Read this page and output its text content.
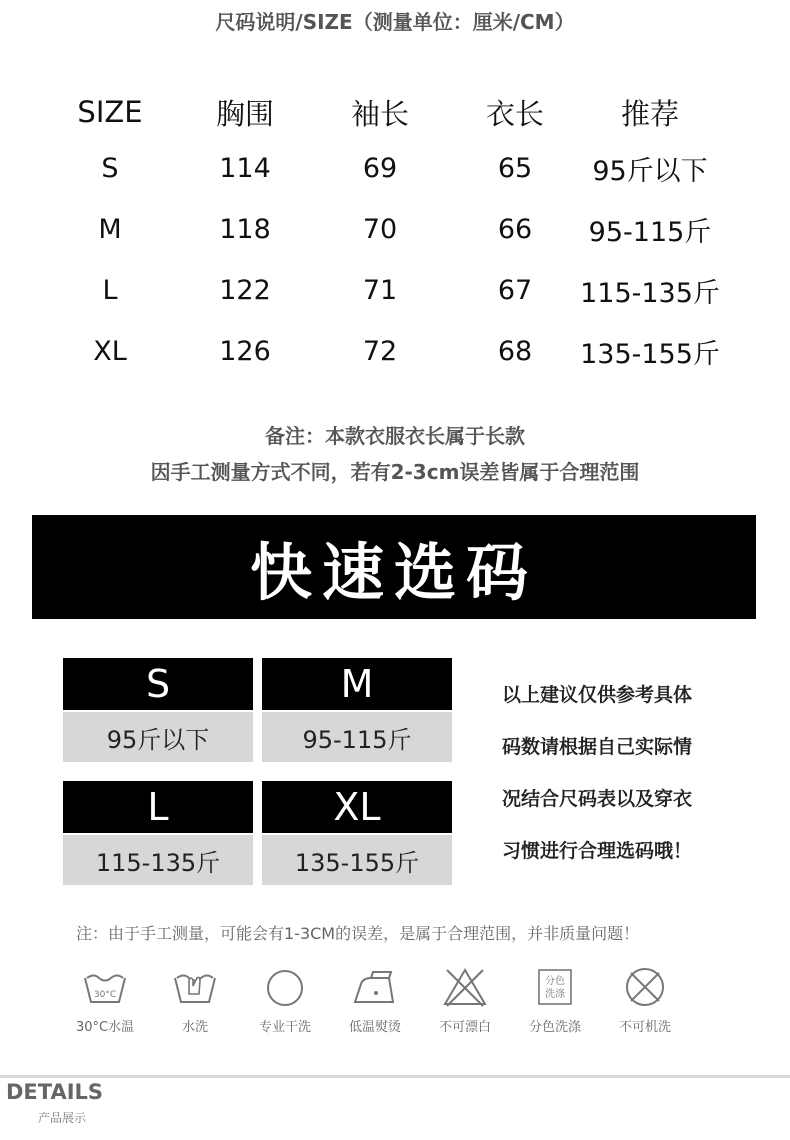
尺码说明/SIZE（测量单位：厘米/CM）
SIZE	胸围	袖长	衣长	推荐
S	114	69	65	95斤以下
M	118	70	66	95-115斤
L	122	71	67	115-135斤
XL	126	72	68	135-155斤
备注：本款衣服衣长属于长款
因手工测量方式不同，若有2-3cm误差皆属于合理范围
快速选码
S
95斤以下
M
95-115斤
L
115-135斤
XL
135-155斤
以上建议仅供参考具体
码数请根据自己实际情
况结合尺码表以及穿衣
习惯进行合理选码哦！
注：由于手工测量，可能会有1-3CM的误差，是属于合理范围，并非质量问题！
30°C
30°C水温	水洗	专业干洗	低温熨烫	不可漂白
分色
洗涤
分色洗涤	不可机洗
DETAILS
产品展示
